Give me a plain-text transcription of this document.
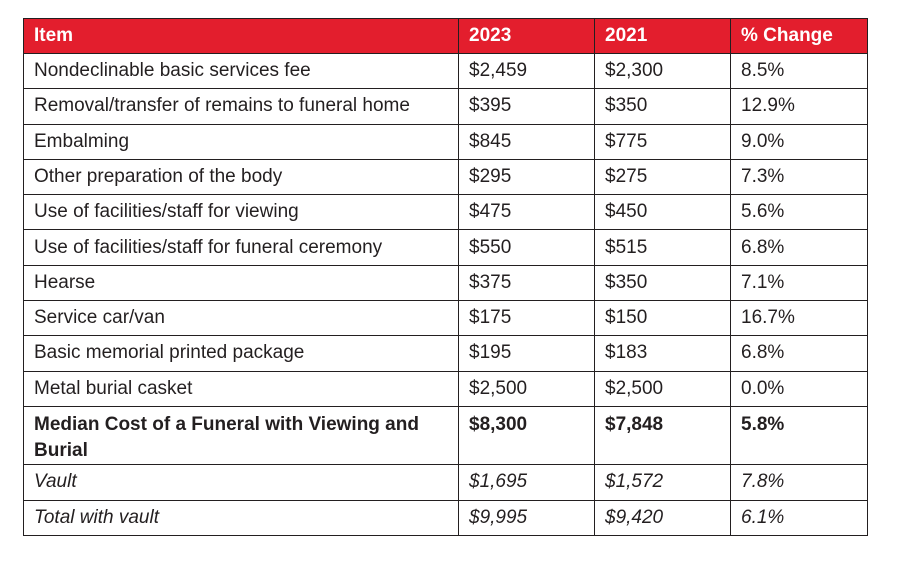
Item	2023	2021	% Change
Nondeclinable basic services fee	$2,459	$2,300	8.5%
Removal/transfer of remains to funeral home	$395	$350	12.9%
Embalming	$845	$775	9.0%
Other preparation of the body	$295	$275	7.3%
Use of facilities/staff for viewing	$475	$450	5.6%
Use of facilities/staff for funeral ceremony	$550	$515	6.8%
Hearse	$375	$350	7.1%
Service car/van	$175	$150	16.7%
Basic memorial printed package	$195	$183	6.8%
Metal burial casket	$2,500	$2,500	0.0%
Median Cost of a Funeral with Viewing and Burial	$8,300	$7,848	5.8%
Vault	$1,695	$1,572	7.8%
Total with vault	$9,995	$9,420	6.1%
